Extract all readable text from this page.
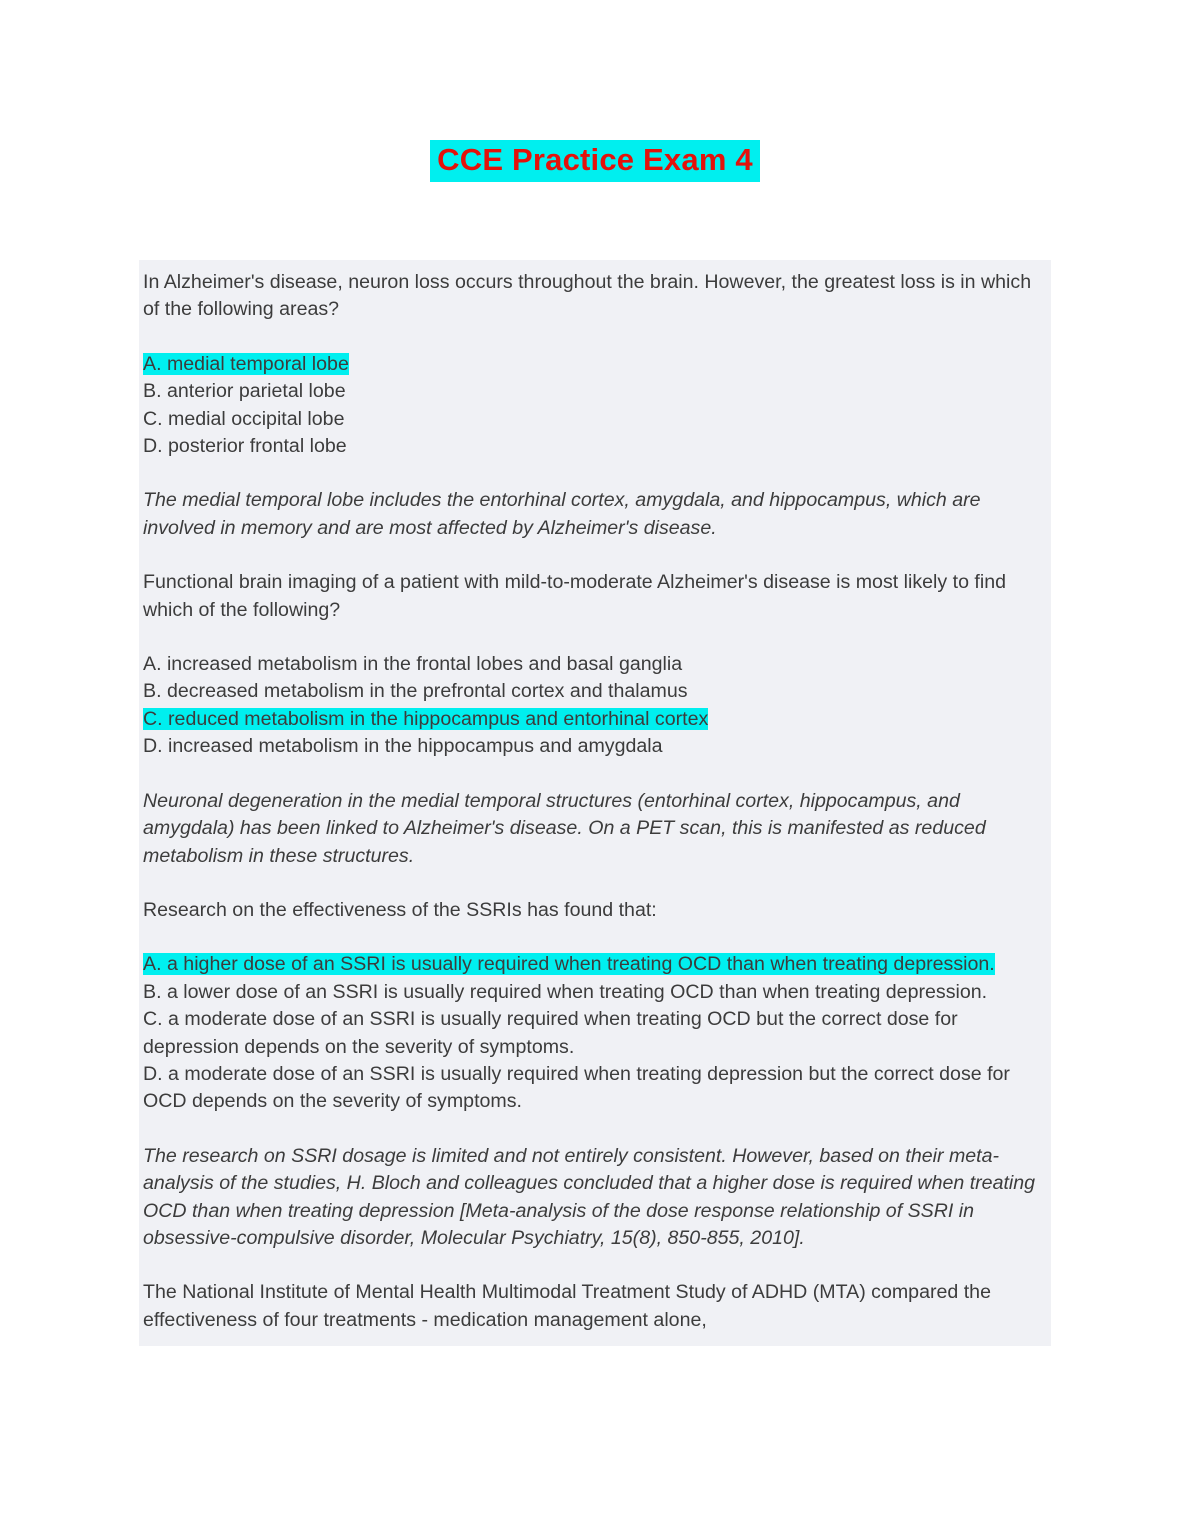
CCE Practice Exam 4

In Alzheimer's disease, neuron loss occurs throughout the brain. However, the greatest loss is in which of the following areas?

A. medial temporal lobe
B. anterior parietal lobe
C. medial occipital lobe
D. posterior frontal lobe

The medial temporal lobe includes the entorhinal cortex, amygdala, and hippocampus, which are involved in memory and are most affected by Alzheimer's disease.

Functional brain imaging of a patient with mild-to-moderate Alzheimer's disease is most likely to find which of the following?

A. increased metabolism in the frontal lobes and basal ganglia
B. decreased metabolism in the prefrontal cortex and thalamus
C. reduced metabolism in the hippocampus and entorhinal cortex
D. increased metabolism in the hippocampus and amygdala

Neuronal degeneration in the medial temporal structures (entorhinal cortex, hippocampus, and amygdala) has been linked to Alzheimer's disease. On a PET scan, this is manifested as reduced metabolism in these structures.

Research on the effectiveness of the SSRIs has found that:

A. a higher dose of an SSRI is usually required when treating OCD than when treating depression.
B. a lower dose of an SSRI is usually required when treating OCD than when treating depression.
C. a moderate dose of an SSRI is usually required when treating OCD but the correct dose for depression depends on the severity of symptoms.
D. a moderate dose of an SSRI is usually required when treating depression but the correct dose for OCD depends on the severity of symptoms.

The research on SSRI dosage is limited and not entirely consistent. However, based on their meta-analysis of the studies, H. Bloch and colleagues concluded that a higher dose is required when treating OCD than when treating depression [Meta-analysis of the dose response relationship of SSRI in obsessive-compulsive disorder, Molecular Psychiatry, 15(8), 850-855, 2010].

The National Institute of Mental Health Multimodal Treatment Study of ADHD (MTA) compared the effectiveness of four treatments - medication management alone,
